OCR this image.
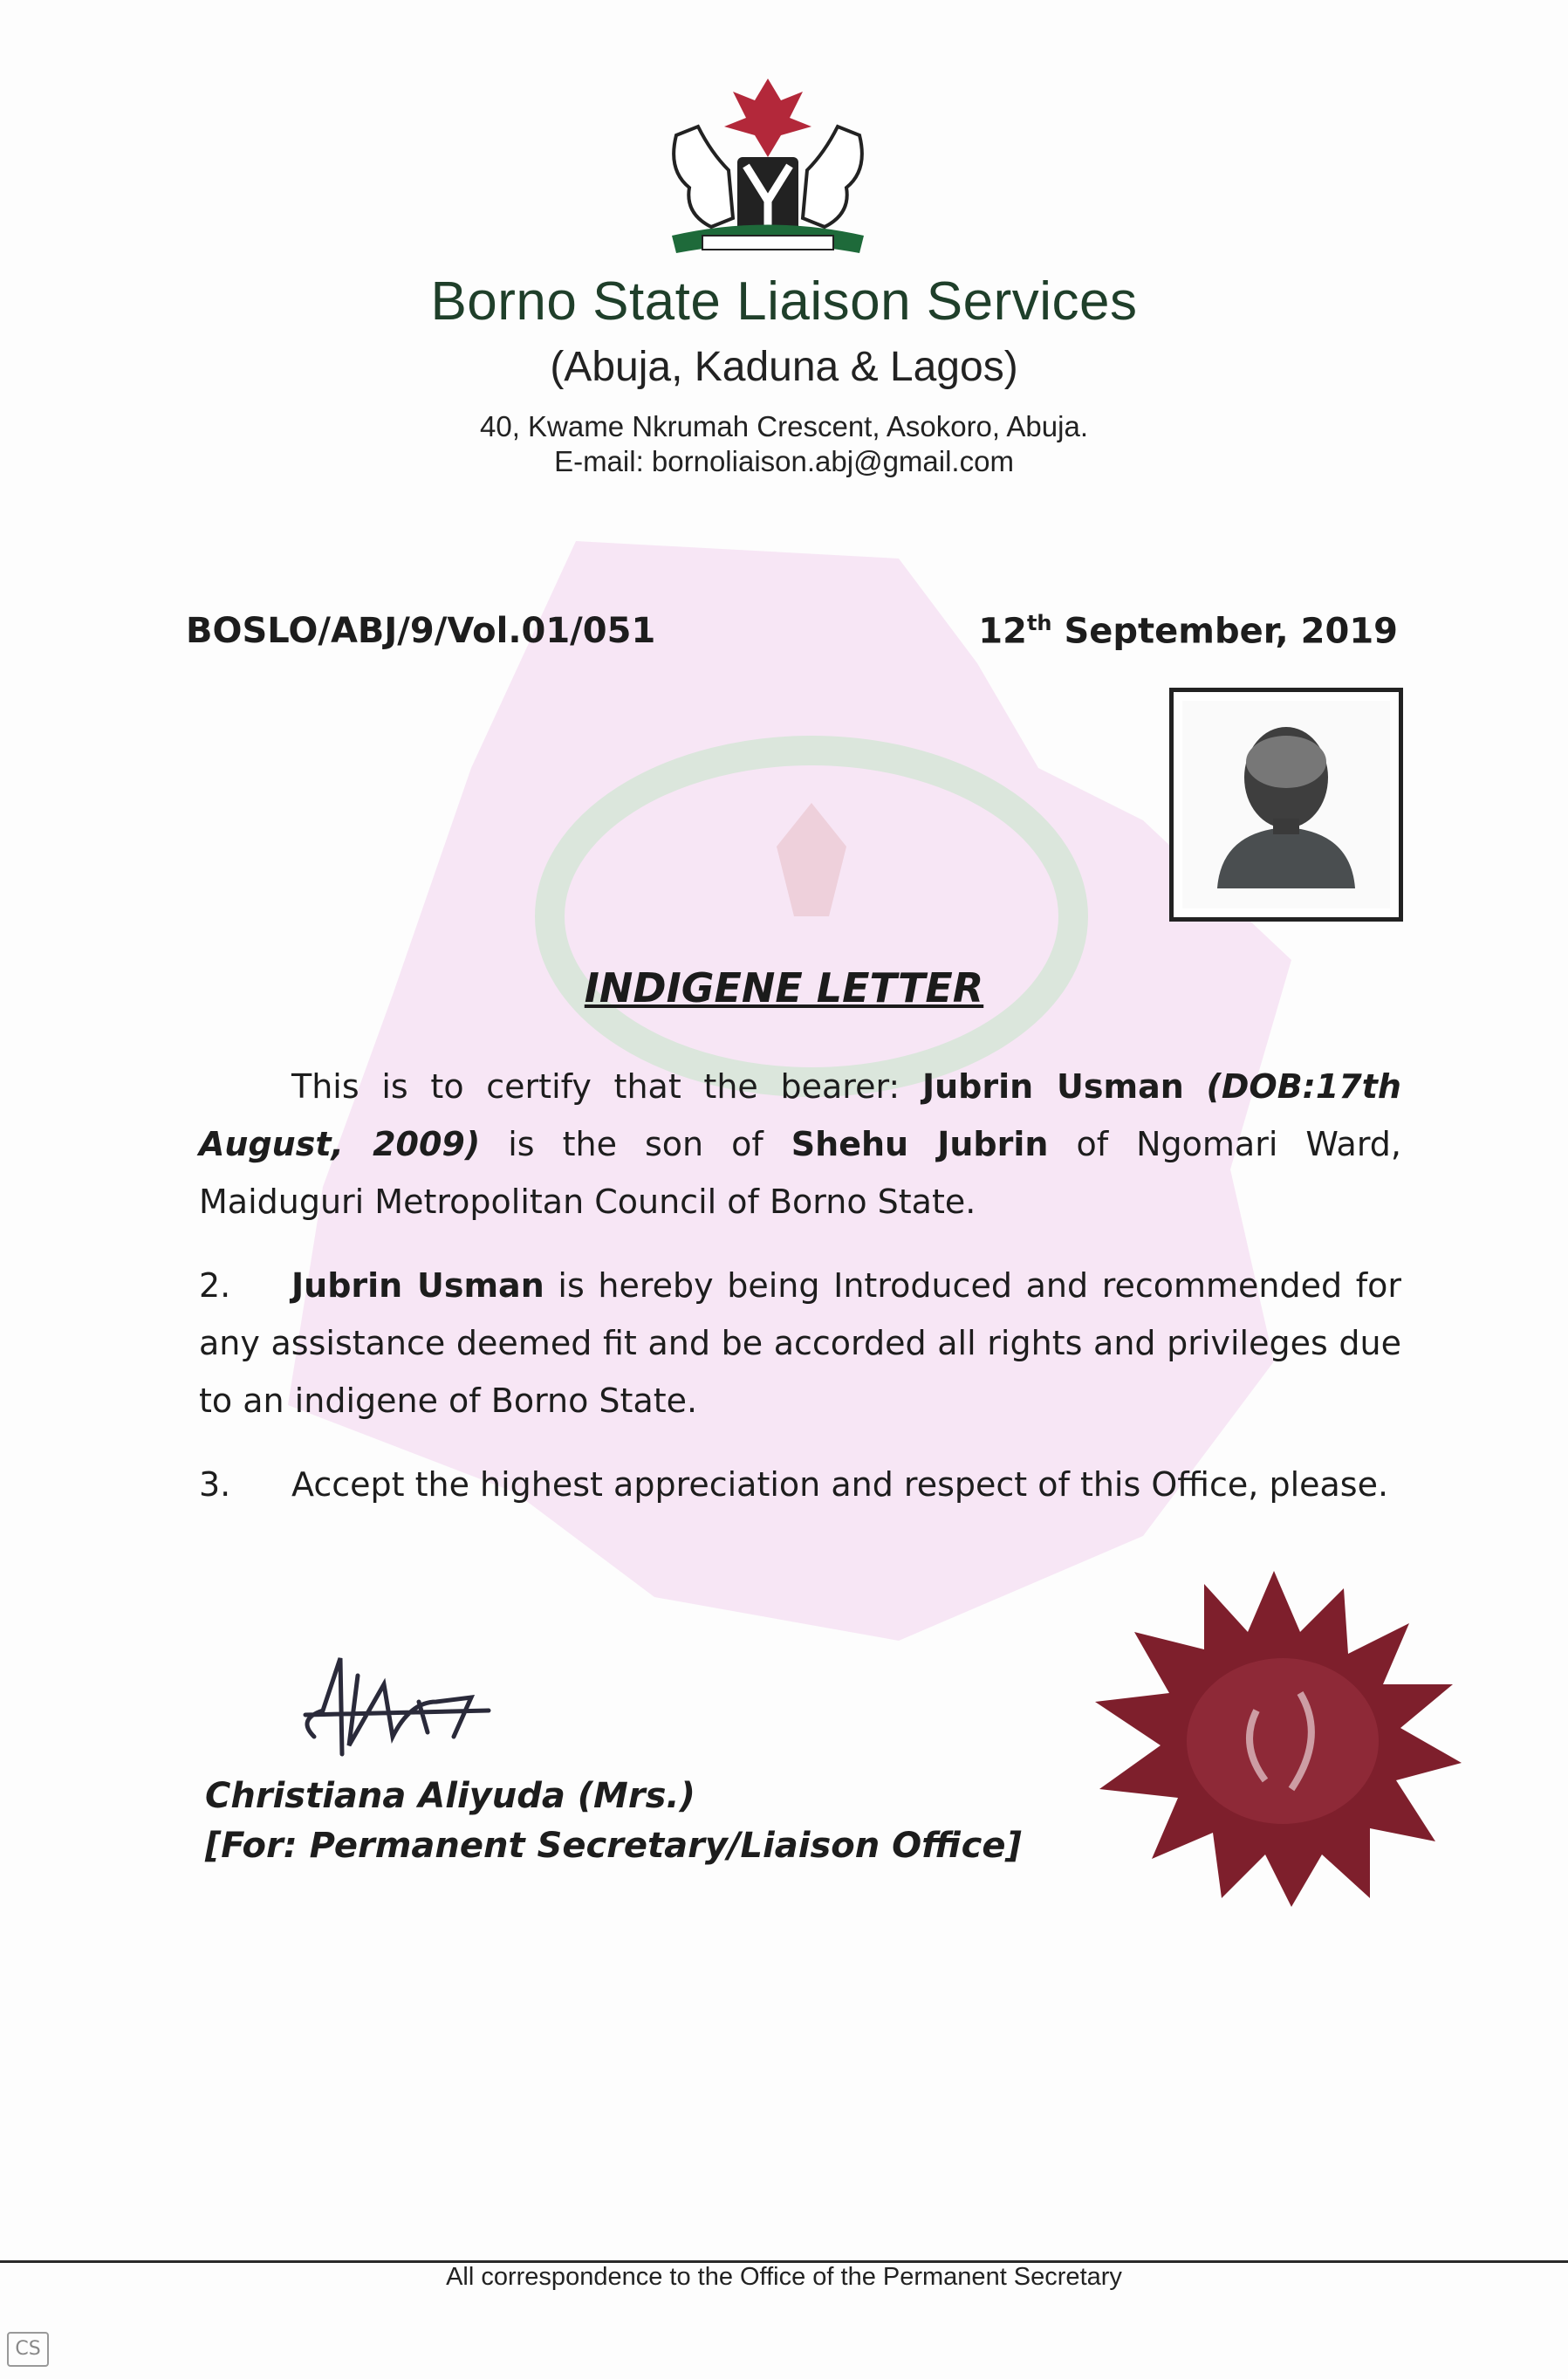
Borno State Liaison Services
(Abuja, Kaduna & Lagos)
40, Kwame Nkrumah Crescent, Asokoro, Abuja.
E-mail: bornoliaison.abj@gmail.com
BOSLO/ABJ/9/Vol.01/051	12th September, 2019
INDIGENE LETTER
This is to certify that the bearer: Jubrin Usman (DOB:17th August, 2009) is the son of Shehu Jubrin of Ngomari Ward, Maiduguri Metropolitan Council of Borno State.
2. Jubrin Usman is hereby being Introduced and recommended for any assistance deemed fit and be accorded all rights and privileges due to an indigene of Borno State.
3. Accept the highest appreciation and respect of this Office, please.
Christiana Aliyuda (Mrs.)
[For: Permanent Secretary/Liaison Office]
All correspondence to the Office of the Permanent Secretary
CS
